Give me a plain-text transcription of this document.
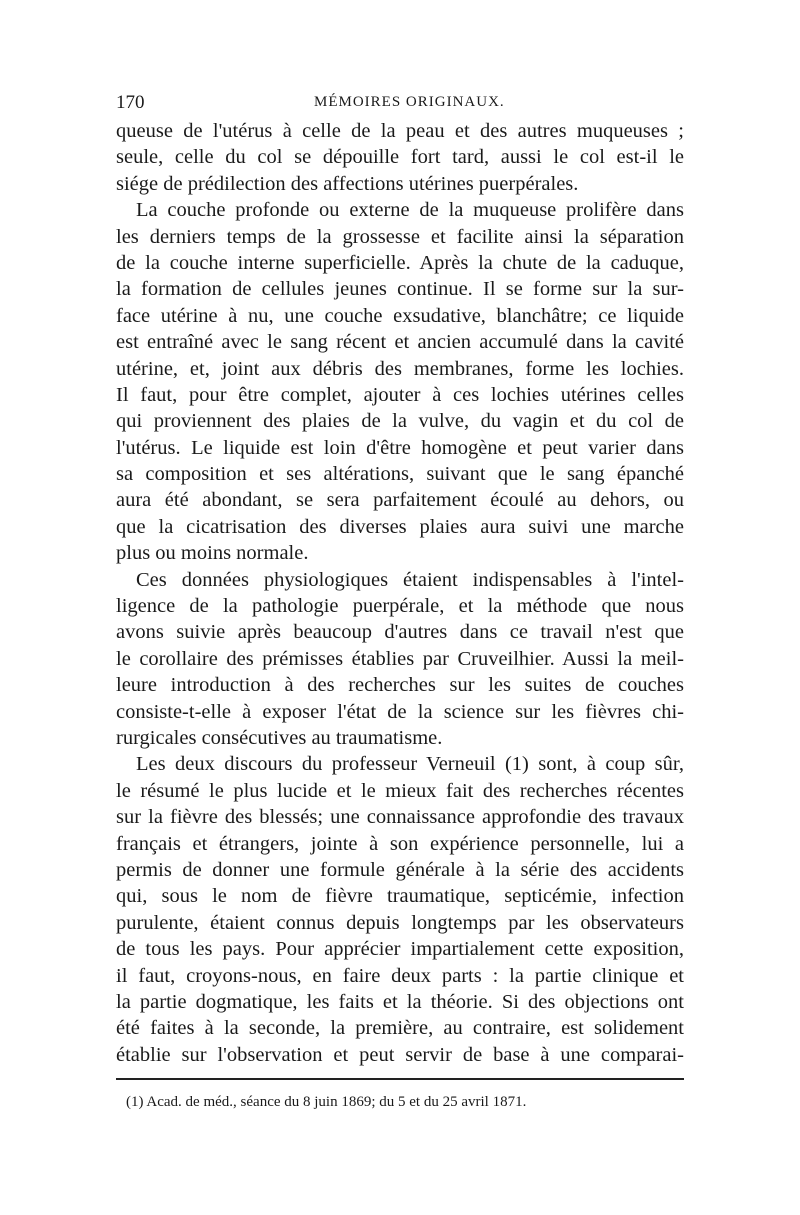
170	MÉMOIRES ORIGINAUX.
queuse de l'utérus à celle de la peau et des autres muqueuses ;
seule, celle du col se dépouille fort tard, aussi le col est-il le
siége de prédilection des affections utérines puerpérales.
La couche profonde ou externe de la muqueuse prolifère dans
les derniers temps de la grossesse et facilite ainsi la séparation
de la couche interne superficielle. Après la chute de la caduque,
la formation de cellules jeunes continue. Il se forme sur la sur-
face utérine à nu, une couche exsudative, blanchâtre; ce liquide
est entraîné avec le sang récent et ancien accumulé dans la cavité
utérine, et, joint aux débris des membranes, forme les lochies.
Il faut, pour être complet, ajouter à ces lochies utérines celles
qui proviennent des plaies de la vulve, du vagin et du col de
l'utérus. Le liquide est loin d'être homogène et peut varier dans
sa composition et ses altérations, suivant que le sang épanché
aura été abondant, se sera parfaitement écoulé au dehors, ou
que la cicatrisation des diverses plaies aura suivi une marche
plus ou moins normale.
Ces données physiologiques étaient indispensables à l'intel-
ligence de la pathologie puerpérale, et la méthode que nous
avons suivie après beaucoup d'autres dans ce travail n'est que
le corollaire des prémisses établies par Cruveilhier. Aussi la meil-
leure introduction à des recherches sur les suites de couches
consiste-t-elle à exposer l'état de la science sur les fièvres chi-
rurgicales consécutives au traumatisme.
Les deux discours du professeur Verneuil (1) sont, à coup sûr,
le résumé le plus lucide et le mieux fait des recherches récentes
sur la fièvre des blessés; une connaissance approfondie des travaux
français et étrangers, jointe à son expérience personnelle, lui a
permis de donner une formule générale à la série des accidents
qui, sous le nom de fièvre traumatique, septicémie, infection
purulente, étaient connus depuis longtemps par les observateurs
de tous les pays. Pour apprécier impartialement cette exposition,
il faut, croyons-nous, en faire deux parts : la partie clinique et
la partie dogmatique, les faits et la théorie. Si des objections ont
été faites à la seconde, la première, au contraire, est solidement
établie sur l'observation et peut servir de base à une comparai-
(1) Acad. de méd., séance du 8 juin 1869; du 5 et du 25 avril 1871.
